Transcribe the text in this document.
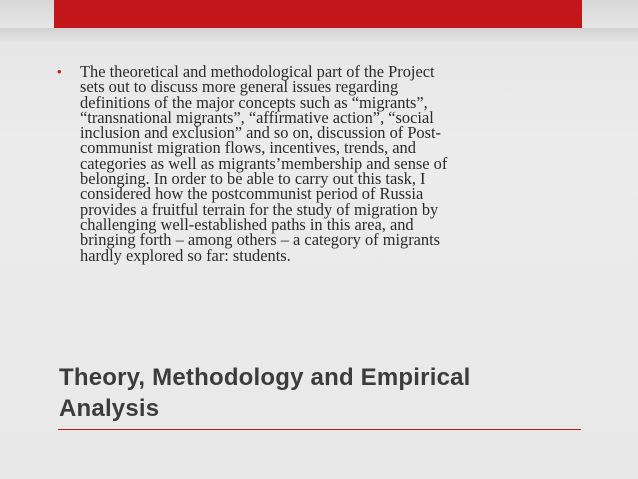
• The theoretical and methodological part of the Project
sets out to discuss more general issues regarding
definitions of the major concepts such as “migrants”,
“transnational migrants”, “affirmative action”, “social
inclusion and exclusion” and so on, discussion of Post-
communist migration flows, incentives, trends, and
categories as well as migrants’membership and sense of
belonging. In order to be able to carry out this task, I
considered how the postcommunist period of Russia
provides a fruitful terrain for the study of migration by
challenging well-established paths in this area, and
bringing forth – among others – a category of migrants
hardly explored so far: students.

Theory, Methodology and Empirical
Analysis
